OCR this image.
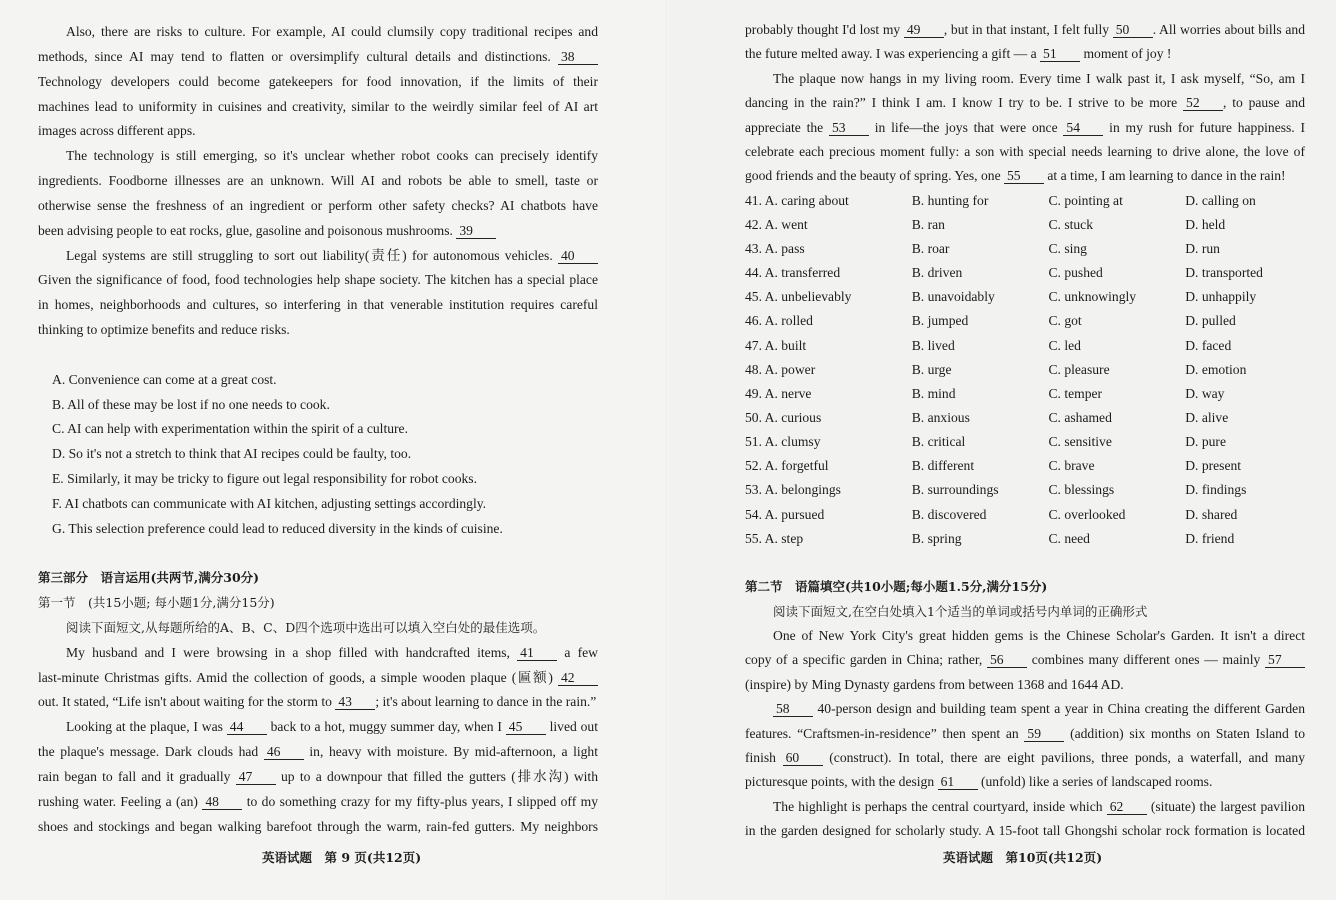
Also, there are risks to culture. For example, AI could clumsily copy traditional recipes and
methods, since AI may tend to flatten or oversimplify cultural details and distinctions. 38
Technology developers could become gatekeepers for food innovation, if the limits of their
machines lead to uniformity in cuisines and creativity, similar to the weirdly similar feel of AI art
images across different apps.
The technology is still emerging, so it's unclear whether robot cooks can precisely identify
ingredients. Foodborne illnesses are an unknown. Will AI and robots be able to smell, taste or
otherwise sense the freshness of an ingredient or perform other safety checks? AI chatbots have
been advising people to eat rocks, glue, gasoline and poisonous mushrooms. 39
Legal systems are still struggling to sort out liability(责任) for autonomous vehicles. 40
Given the significance of food, food technologies help shape society. The kitchen has a special place
in homes, neighborhoods and cultures, so interfering in that venerable institution requires careful
thinking to optimize benefits and reduce risks.
A. Convenience can come at a great cost.
B. All of these may be lost if no one needs to cook.
C. AI can help with experimentation within the spirit of a culture.
D. So it's not a stretch to think that AI recipes could be faulty, too.
E. Similarly, it may be tricky to figure out legal responsibility for robot cooks.
F. AI chatbots can communicate with AI kitchen, adjusting settings accordingly.
G. This selection preference could lead to reduced diversity in the kinds of cuisine.
第三部分　语言运用(共两节,满分30分)
第一节　(共15小题; 每小题1分,满分15分)
阅读下面短文,从每题所给的A、B、C、D四个选项中选出可以填入空白处的最佳选项。
My husband and I were browsing in a shop filled with handcrafted items, 41 a few
last-minute Christmas gifts. Amid the collection of goods, a simple wooden plaque (匾额) 42
out. It stated, “Life isn't about waiting for the storm to 43 ; it's about learning to dance in the rain.”
Looking at the plaque, I was 44 back to a hot, muggy summer day, when I 45 lived out
the plaque's message. Dark clouds had 46 in, heavy with moisture. By mid-afternoon, a light
rain began to fall and it gradually 47 up to a downpour that filled the gutters (排水沟) with
rushing water. Feeling a (an) 48 to do something crazy for my fifty-plus years, I slipped off my
shoes and stockings and began walking barefoot through the warm, rain-fed gutters. My neighbors
英语试题　第 9 页(共12页)
probably thought I'd lost my 49 , but in that instant, I felt fully 50 . All worries about bills and
the future melted away. I was experiencing a gift — a 51 moment of joy !
The plaque now hangs in my living room. Every time I walk past it, I ask myself, “So, am I
dancing in the rain?” I think I am. I know I try to be. I strive to be more 52 , to pause and
appreciate the 53 in life—the joys that were once 54 in my rush for future happiness. I
celebrate each precious moment fully: a son with special needs learning to drive alone, the love of
good friends and the beauty of spring. Yes, one 55 at a time, I am learning to dance in the rain!
41. A. caring about	B. hunting for	C. pointing at	D. calling on
42. A. went	B. ran	C. stuck	D. held
43. A. pass	B. roar	C. sing	D. run
44. A. transferred	B. driven	C. pushed	D. transported
45. A. unbelievably	B. unavoidably	C. unknowingly	D. unhappily
46. A. rolled	B. jumped	C. got	D. pulled
47. A. built	B. lived	C. led	D. faced
48. A. power	B. urge	C. pleasure	D. emotion
49. A. nerve	B. mind	C. temper	D. way
50. A. curious	B. anxious	C. ashamed	D. alive
51. A. clumsy	B. critical	C. sensitive	D. pure
52. A. forgetful	B. different	C. brave	D. present
53. A. belongings	B. surroundings	C. blessings	D. findings
54. A. pursued	B. discovered	C. overlooked	D. shared
55. A. step	B. spring	C. need	D. friend
第二节　语篇填空(共10小题;每小题1.5分,满分15分)
阅读下面短文,在空白处填入1个适当的单词或括号内单词的正确形式
One of New York City's great hidden gems is the Chinese Scholar's Garden. It isn't a direct
copy of a specific garden in China; rather, 56 combines many different ones — mainly 57
(inspire) by Ming Dynasty gardens from between 1368 and 1644 AD.
58 40-person design and building team spent a year in China creating the different Garden
features. “Craftsmen-in-residence” then spent an 59 (addition) six months on Staten Island to
finish 60 (construct). In total, there are eight pavilions, three ponds, a waterfall, and many
picturesque points, with the design 61 (unfold) like a series of landscaped rooms.
The highlight is perhaps the central courtyard, inside which 62 (situate) the largest pavilion
in the garden designed for scholarly study. A 15-foot tall Ghongshi scholar rock formation is located
英语试题　第10页(共12页)
